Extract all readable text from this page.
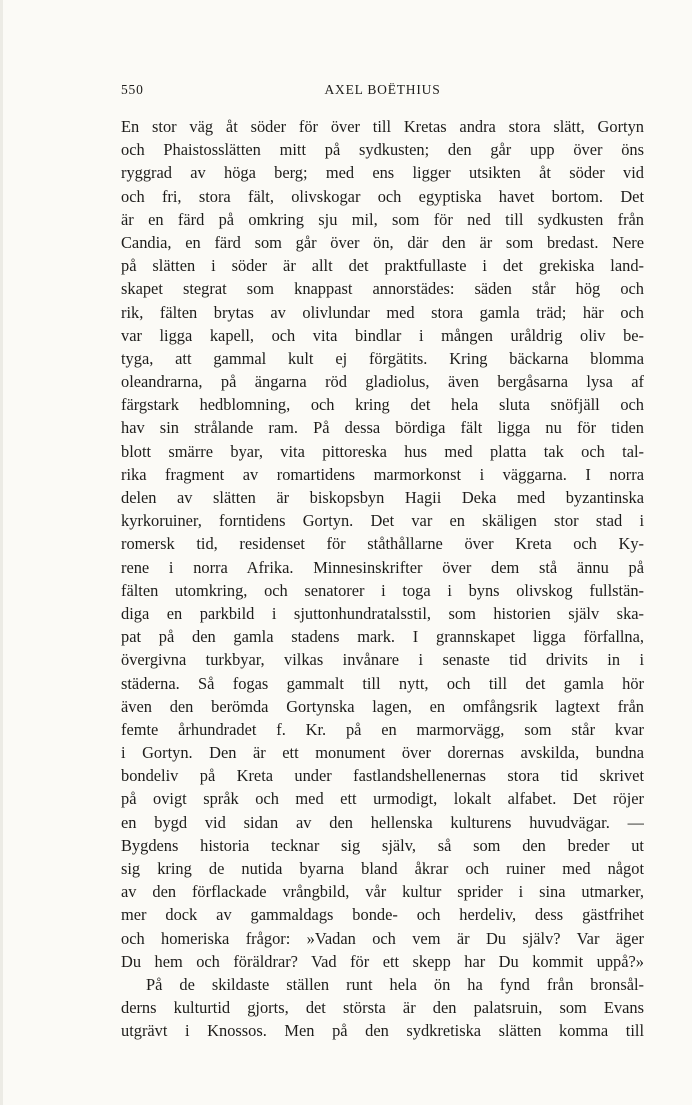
550	AXEL BOËTHIUS
En stor väg åt söder för över till Kretas andra stora slätt, Gortyn
och Phaistosslätten mitt på sydkusten; den går upp över öns
ryggrad av höga berg; med ens ligger utsikten åt söder vid
och fri, stora fält, olivskogar och egyptiska havet bortom. Det
är en färd på omkring sju mil, som för ned till sydkusten från
Candia, en färd som går över ön, där den är som bredast. Nere
på slätten i söder är allt det praktfullaste i det grekiska land-
skapet stegrat som knappast annorstädes: säden står hög och
rik, fälten brytas av olivlundar med stora gamla träd; här och
var ligga kapell, och vita bindlar i mången uråldrig oliv be-
tyga, att gammal kult ej förgätits. Kring bäckarna blomma
oleandrarna, på ängarna röd gladiolus, även bergåsarna lysa af
färgstark hedblomning, och kring det hela sluta snöfjäll och
hav sin strålande ram. På dessa bördiga fält ligga nu för tiden
blott smärre byar, vita pittoreska hus med platta tak och tal-
rika fragment av romartidens marmorkonst i väggarna. I norra
delen av slätten är biskopsbyn Hagii Deka med byzantinska
kyrkoruiner, forntidens Gortyn. Det var en skäligen stor stad i
romersk tid, residenset för ståthållarne över Kreta och Ky-
rene i norra Afrika. Minnesinskrifter över dem stå ännu på
fälten utomkring, och senatorer i toga i byns olivskog fullstän-
diga en parkbild i sjuttonhundratalsstil, som historien själv ska-
pat på den gamla stadens mark. I grannskapet ligga förfallna,
övergivna turkbyar, vilkas invånare i senaste tid drivits in i
städerna. Så fogas gammalt till nytt, och till det gamla hör
även den berömda Gortynska lagen, en omfångsrik lagtext från
femte århundradet f. Kr. på en marmorvägg, som står kvar
i Gortyn. Den är ett monument över dorernas avskilda, bundna
bondeliv på Kreta under fastlandshellenernas stora tid skrivet
på ovigt språk och med ett urmodigt, lokalt alfabet. Det röjer
en bygd vid sidan av den hellenska kulturens huvudvägar. —
Bygdens historia tecknar sig själv, så som den breder ut
sig kring de nutida byarna bland åkrar och ruiner med något
av den förflackade vrångbild, vår kultur sprider i sina utmarker,
mer dock av gammaldags bonde- och herdeliv, dess gästfrihet
och homeriska frågor: »Vadan och vem är Du själv? Var äger
Du hem och föräldrar? Vad för ett skepp har Du kommit uppå?»
På de skildaste ställen runt hela ön ha fynd från bronsål-
derns kulturtid gjorts, det största är den palatsruin, som Evans
utgrävt i Knossos. Men på den sydkretiska slätten komma till
